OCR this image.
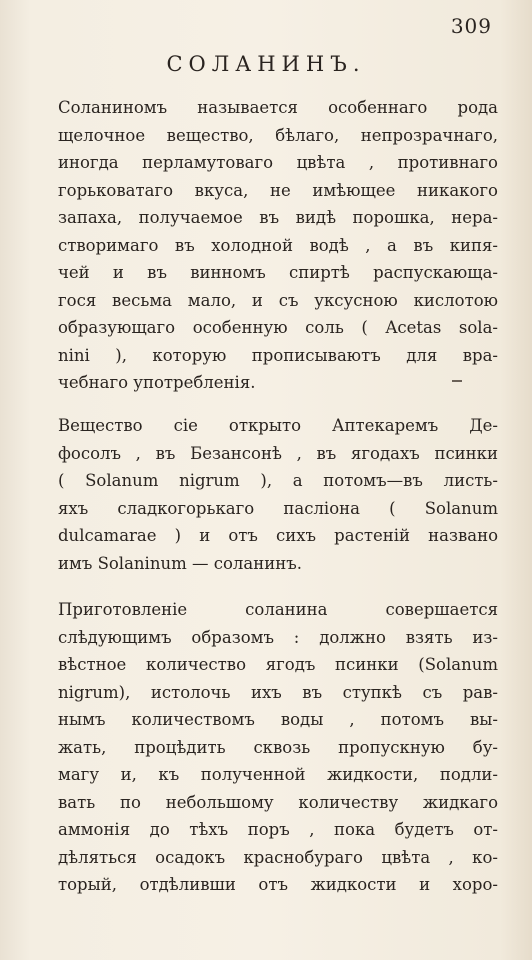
309
СОЛАНИНЪ.
Соланиномъ называется особеннаго рода
щелочное вещество, бѣлаго, непрозрачнаго,
иногда перламутоваго цвѣта , противнаго
горьковатаго вкуса, не имѣющее никакого
запаха, получаемое въ видѣ порошка, нера-
створимаго въ холодной водѣ , а въ кипя-
чей и въ винномъ спиртѣ распускающа-
гося весьма мало, и съ уксусною кислотою
образующаго особенную соль ( Acetas sola-
nini ), которую прописываютъ для вра-
чебнаго употребленія.
Вещество сіе открыто Аптекаремъ Де-
фосолъ , въ Безансонѣ , въ ягодахъ псинки
( Solanum nigrum ), а потомъ—въ листь-
яхъ сладкогорькаго пасліона ( Solanum
dulcamarae ) и отъ сихъ растеній названо
имъ Solaninum — соланинъ.
Приготовленіе соланина совершается
слѣдующимъ образомъ : должно взять из-
вѣстное количество ягодъ псинки (Solanum
nigrum), истолочь ихъ въ ступкѣ съ рав-
нымъ количествомъ воды , потомъ вы-
жать, процѣдить сквозь пропускную бу-
магу и, къ полученной жидкости, подли-
вать по небольшому количеству жидкаго
аммонія до тѣхъ поръ , пока будетъ от-
дѣляться осадокъ краснобураго цвѣта , ко-
торый, отдѣливши отъ жидкости и хоро-
